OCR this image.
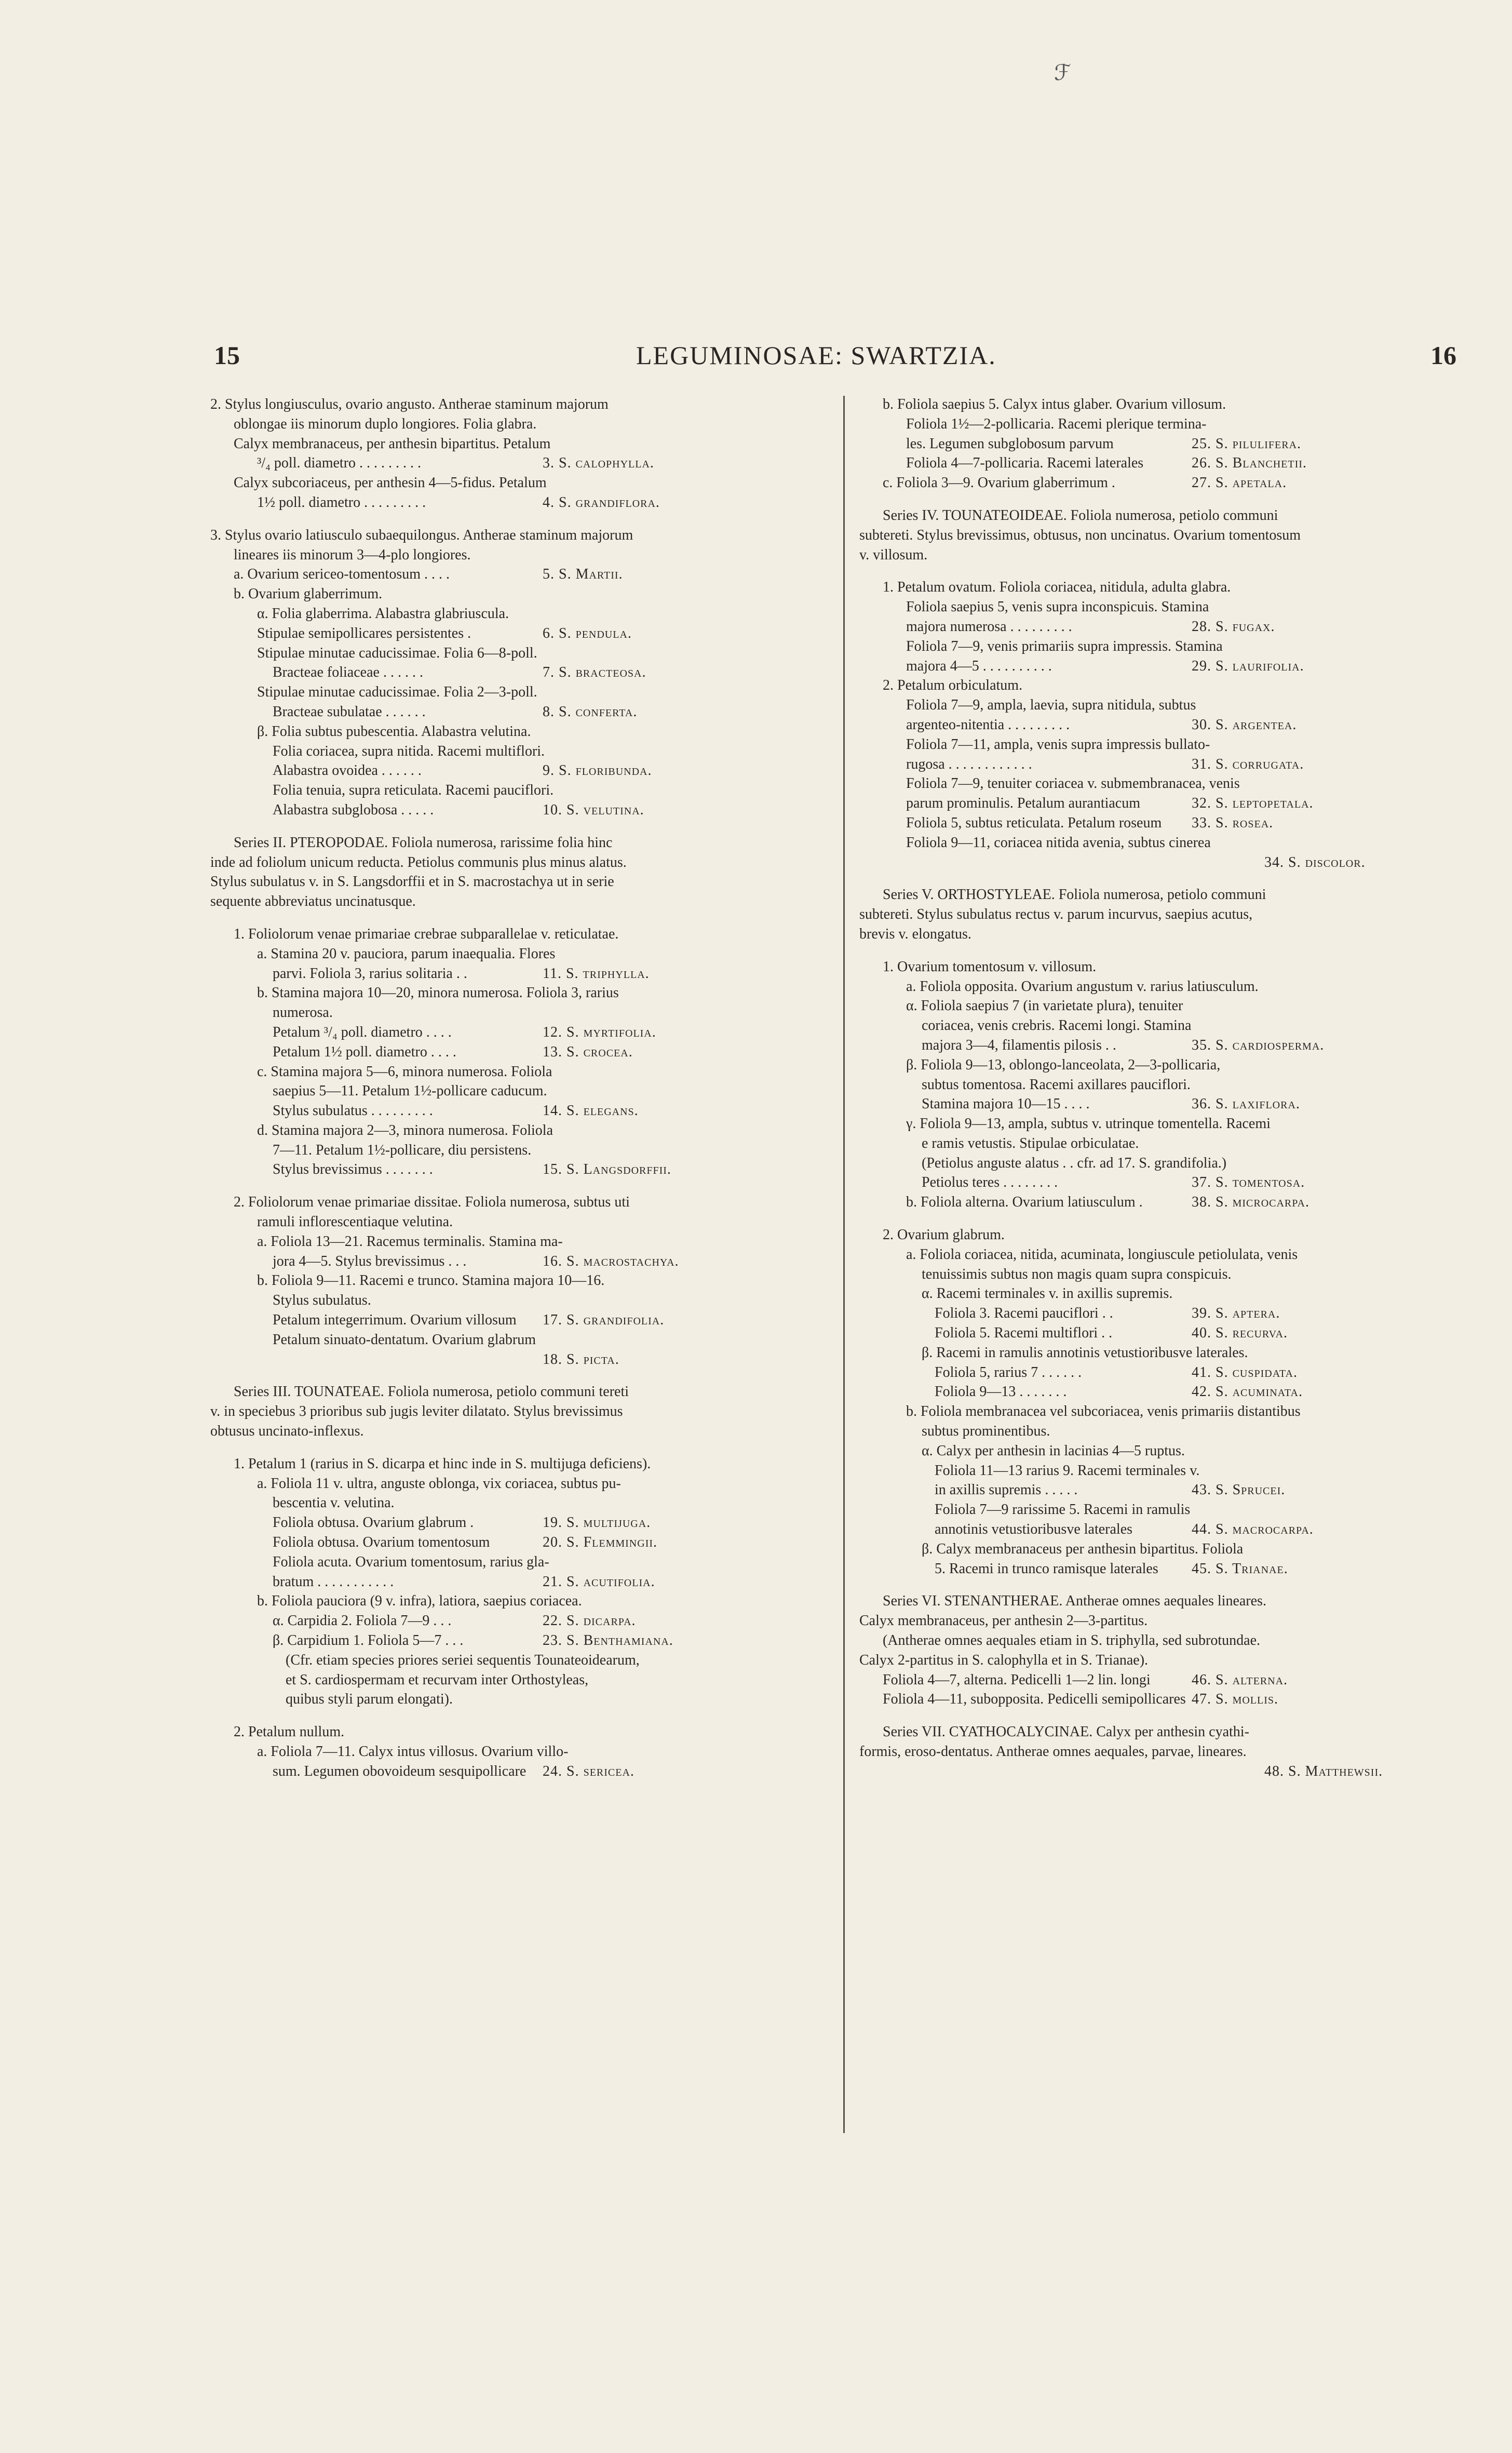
ℱ
15	LEGUMINOSAE: SWARTZIA.	16
2. Stylus longiusculus, ovario angusto. Antherae staminum majorum
oblongae iis minorum duplo longiores. Folia glabra.
Calyx membranaceus, per anthesin bipartitus. Petalum
³/₄ poll. diametro . . . . . . . . .	3. S. calophylla.
Calyx subcoriaceus, per anthesin 4—5-fidus. Petalum
1½ poll. diametro . . . . . . . . .	4. S. grandiflora.
3. Stylus ovario latiusculo subaequilongus. Antherae staminum majorum
lineares iis minorum 3—4-plo longiores.
a. Ovarium sericeo-tomentosum . . . .	5. S. Martii.
b. Ovarium glaberrimum.
α. Folia glaberrima. Alabastra glabriuscula.
Stipulae semipollicares persistentes .	6. S. pendula.
Stipulae minutae caducissimae. Folia 6—8-poll.
Bracteae foliaceae . . . . . .	7. S. bracteosa.
Stipulae minutae caducissimae. Folia 2—3-poll.
Bracteae subulatae . . . . . .	8. S. conferta.
β. Folia subtus pubescentia. Alabastra velutina.
Folia coriacea, supra nitida. Racemi multiflori.
Alabastra ovoidea . . . . . .	9. S. floribunda.
Folia tenuia, supra reticulata. Racemi pauciflori.
Alabastra subglobosa . . . . .	10. S. velutina.
Series II. PTEROPODAE. Foliola numerosa, rarissime folia hinc
inde ad foliolum unicum reducta. Petiolus communis plus minus alatus.
Stylus subulatus v. in S. Langsdorffii et in S. macrostachya ut in serie
sequente abbreviatus uncinatusque.
1. Foliolorum venae primariae crebrae subparallelae v. reticulatae.
a. Stamina 20 v. pauciora, parum inaequalia. Flores
parvi. Foliola 3, rarius solitaria . .	11. S. triphylla.
b. Stamina majora 10—20, minora numerosa. Foliola 3, rarius
numerosa.
Petalum ³/₄ poll. diametro . . . .	12. S. myrtifolia.
Petalum 1½ poll. diametro . . . .	13. S. crocea.
c. Stamina majora 5—6, minora numerosa. Foliola
saepius 5—11. Petalum 1½-pollicare caducum.
Stylus subulatus . . . . . . . . .	14. S. elegans.
d. Stamina majora 2—3, minora numerosa. Foliola
7—11. Petalum 1½-pollicare, diu persistens.
Stylus brevissimus . . . . . . .	15. S. Langsdorffii.
2. Foliolorum venae primariae dissitae. Foliola numerosa, subtus uti
ramuli inflorescentiaque velutina.
a. Foliola 13—21. Racemus terminalis. Stamina ma-
jora 4—5. Stylus brevissimus . . .	16. S. macrostachya.
b. Foliola 9—11. Racemi e trunco. Stamina majora 10—16.
Stylus subulatus.
Petalum integerrimum. Ovarium villosum 17. S. grandifolia.
Petalum sinuato-dentatum. Ovarium glabrum
18. S. picta.
Series III. TOUNATEAE. Foliola numerosa, petiolo communi tereti
v. in speciebus 3 prioribus sub jugis leviter dilatato. Stylus brevissimus
obtusus uncinato-inflexus.
1. Petalum 1 (rarius in S. dicarpa et hinc inde in S. multijuga deficiens).
a. Foliola 11 v. ultra, anguste oblonga, vix coriacea, subtus pu-
bescentia v. velutina.
Foliola obtusa. Ovarium glabrum .	19. S. multijuga.
Foliola obtusa. Ovarium tomentosum	20. S. Flemmingii.
Foliola acuta. Ovarium tomentosum, rarius gla-
bratum . . . . . . . . . . .	21. S. acutifolia.
b. Foliola pauciora (9 v. infra), latiora, saepius coriacea.
α. Carpidia 2. Foliola 7—9 . . .	22. S. dicarpa.
β. Carpidium 1. Foliola 5—7 . . .	23. S. Benthamiana.
(Cfr. etiam species priores seriei sequentis Tounateoidearum,
et S. cardiospermam et recurvam inter Orthostyleas,
quibus styli parum elongati).
2. Petalum nullum.
a. Foliola 7—11. Calyx intus villosus. Ovarium villo-
sum. Legumen obovoideum sesquipollicare 24. S. sericea.
b. Foliola saepius 5. Calyx intus glaber. Ovarium villosum.
Foliola 1½—2-pollicaria. Racemi plerique termina-
les. Legumen subglobosum parvum	25. S. pilulifera.
Foliola 4—7-pollicaria. Racemi laterales	26. S. Blanchetii.
c. Foliola 3—9. Ovarium glaberrimum .	27. S. apetala.
Series IV. TOUNATEOIDEAE. Foliola numerosa, petiolo communi
subtereti. Stylus brevissimus, obtusus, non uncinatus. Ovarium tomentosum
v. villosum.
1. Petalum ovatum. Foliola coriacea, nitidula, adulta glabra.
Foliola saepius 5, venis supra inconspicuis. Stamina
majora numerosa . . . . . . . . .	28. S. fugax.
Foliola 7—9, venis primariis supra impressis. Stamina
majora 4—5 . . . . . . . . . .	29. S. laurifolia.
2. Petalum orbiculatum.
Foliola 7—9, ampla, laevia, supra nitidula, subtus
argenteo-nitentia . . . . . . . . .	30. S. argentea.
Foliola 7—11, ampla, venis supra impressis bullato-
rugosa . . . . . . . . . . . .	31. S. corrugata.
Foliola 7—9, tenuiter coriacea v. submembranacea, venis
parum prominulis. Petalum aurantiacum	32. S. leptopetala.
Foliola 5, subtus reticulata. Petalum roseum 33. S. rosea.
Foliola 9—11, coriacea nitida avenia, subtus cinerea
34. S. discolor.
Series V. ORTHOSTYLEAE. Foliola numerosa, petiolo communi
subtereti. Stylus subulatus rectus v. parum incurvus, saepius acutus,
brevis v. elongatus.
1. Ovarium tomentosum v. villosum.
a. Foliola opposita. Ovarium angustum v. rarius latiusculum.
α. Foliola saepius 7 (in varietate plura), tenuiter
coriacea, venis crebris. Racemi longi. Stamina
majora 3—4, filamentis pilosis . .	35. S. cardiosperma.
β. Foliola 9—13, oblongo-lanceolata, 2—3-pollicaria,
subtus tomentosa. Racemi axillares pauciflori.
Stamina majora 10—15 . . . .	36. S. laxiflora.
γ. Foliola 9—13, ampla, subtus v. utrinque tomentella. Racemi
e ramis vetustis. Stipulae orbiculatae.
(Petiolus anguste alatus . . cfr. ad 17. S. grandifolia.)
Petiolus teres . . . . . . . .	37. S. tomentosa.
b. Foliola alterna. Ovarium latiusculum .	38. S. microcarpa.
2. Ovarium glabrum.
a. Foliola coriacea, nitida, acuminata, longiuscule petiolulata, venis
tenuissimis subtus non magis quam supra conspicuis.
α. Racemi terminales v. in axillis supremis.
Foliola 3. Racemi pauciflori . .	39. S. aptera.
Foliola 5. Racemi multiflori . .	40. S. recurva.
β. Racemi in ramulis annotinis vetustioribusve laterales.
Foliola 5, rarius 7 . . . . . .	41. S. cuspidata.
Foliola 9—13 . . . . . . .	42. S. acuminata.
b. Foliola membranacea vel subcoriacea, venis primariis distantibus
subtus prominentibus.
α. Calyx per anthesin in lacinias 4—5 ruptus.
Foliola 11—13 rarius 9. Racemi terminales v.
in axillis supremis . . . . .	43. S. Sprucei.
Foliola 7—9 rarissime 5. Racemi in ramulis
annotinis vetustioribusve laterales	44. S. macrocarpa.
β. Calyx membranaceus per anthesin bipartitus. Foliola
5. Racemi in trunco ramisque laterales 45. S. Trianae.
Series VI. STENANTHERAE. Antherae omnes aequales lineares.
Calyx membranaceus, per anthesin 2—3-partitus.
(Antherae omnes aequales etiam in S. triphylla, sed subrotundae.
Calyx 2-partitus in S. calophylla et in S. Trianae).
Foliola 4—7, alterna. Pedicelli 1—2 lin. longi	46. S. alterna.
Foliola 4—11, subopposita. Pedicelli semipollicares 47. S. mollis.
Series VII. CYATHOCALYCINAE. Calyx per anthesin cyathi-
formis, eroso-dentatus. Antherae omnes aequales, parvae, lineares.
48. S. Matthewsii.
